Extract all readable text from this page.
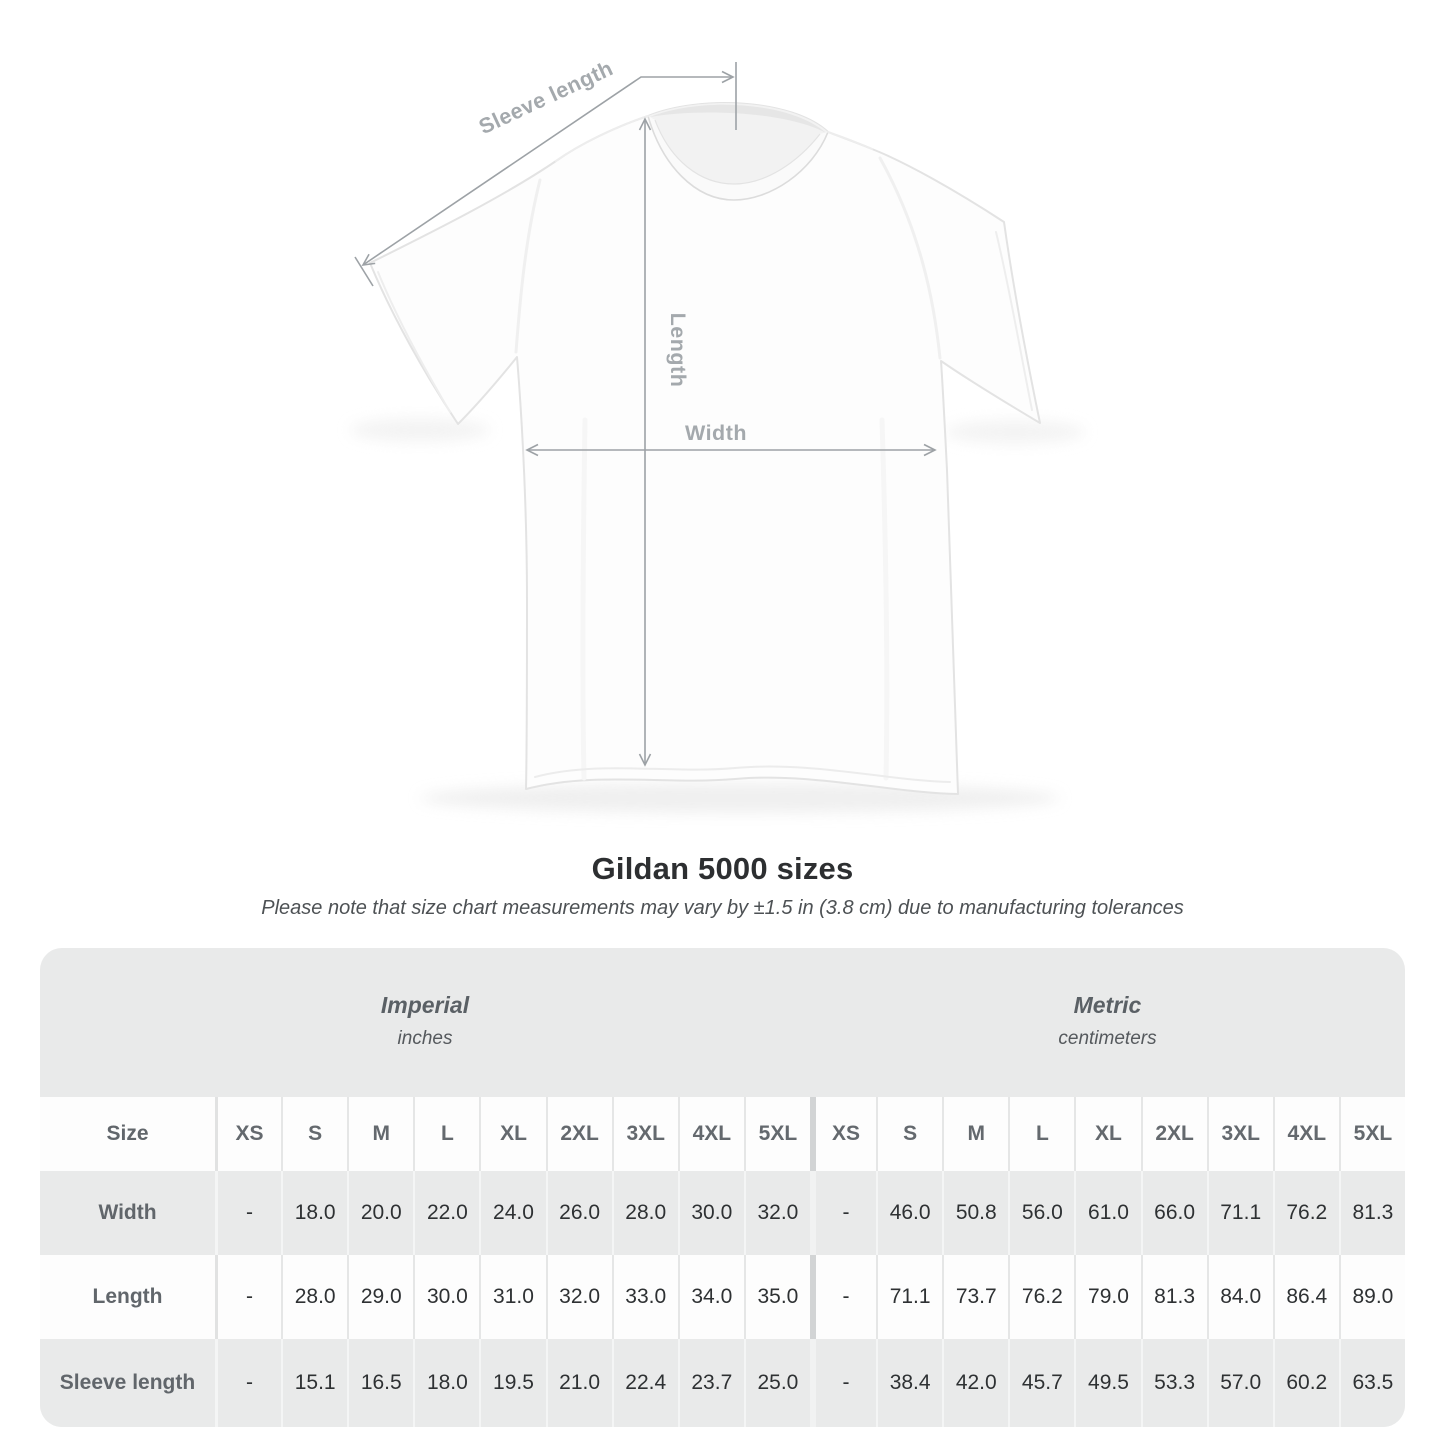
Sleeve length
Length
Width
Gildan 5000 sizes
Please note that size chart measurements may vary by ±1.5 in (3.8 cm) due to manufacturing tolerances
Imperial
inches

Metric
centimeters

Size	XS	S	M	L	XL	2XL	3XL	4XL	5XL	XS	S	M	L	XL	2XL	3XL	4XL	5XL
Width	-	18.0	20.0	22.0	24.0	26.0	28.0	30.0	32.0	-	46.0	50.8	56.0	61.0	66.0	71.1	76.2	81.3
Length	-	28.0	29.0	30.0	31.0	32.0	33.0	34.0	35.0	-	71.1	73.7	76.2	79.0	81.3	84.0	86.4	89.0
Sleeve length	-	15.1	16.5	18.0	19.5	21.0	22.4	23.7	25.0	-	38.4	42.0	45.7	49.5	53.3	57.0	60.2	63.5
